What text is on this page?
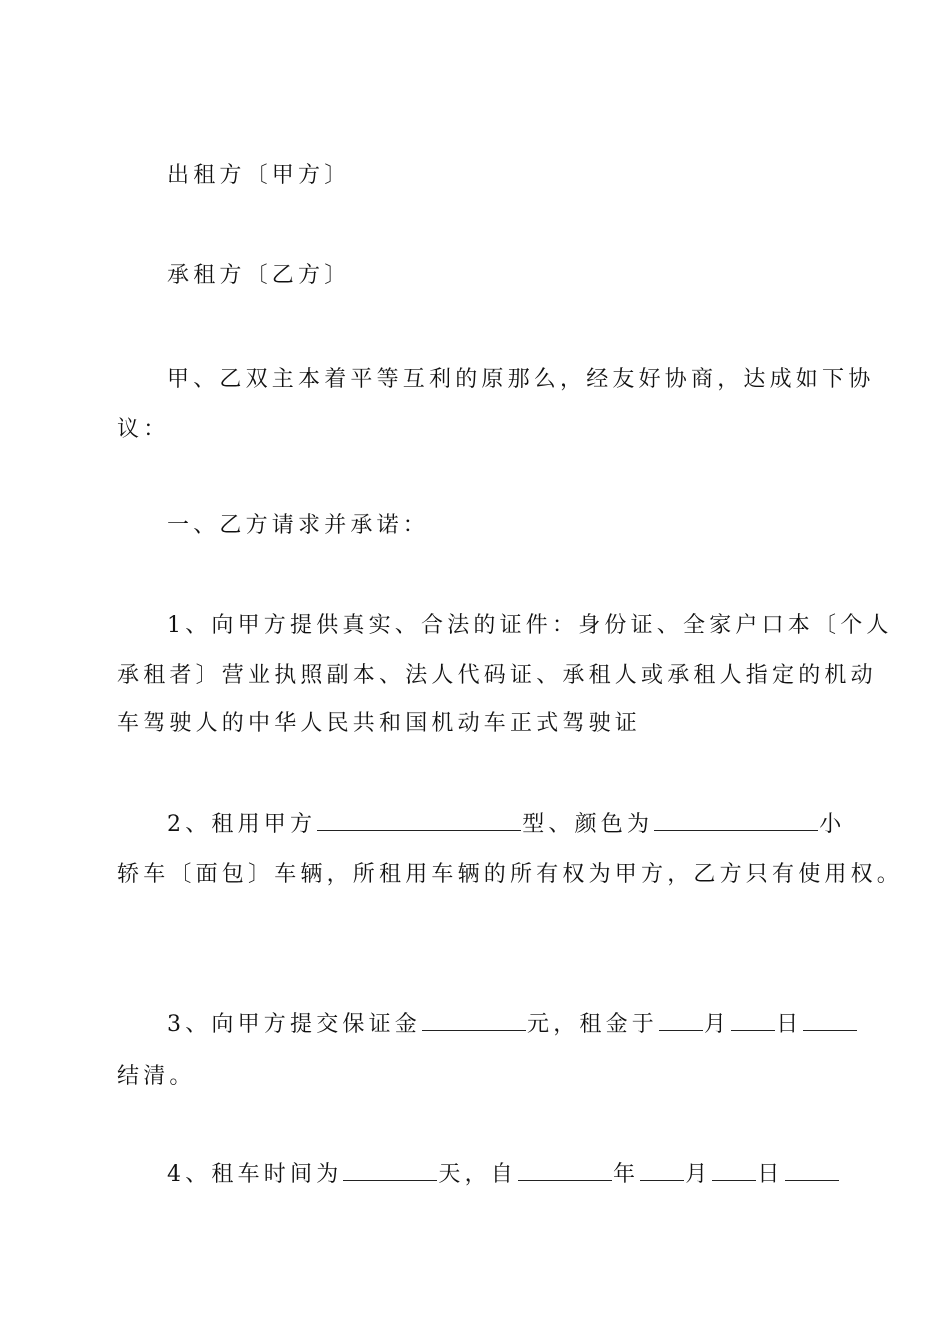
出租方〔甲方〕
承租方〔乙方〕
甲、乙双主本着平等互利的原那么，经友好协商，达成如下协
议：
一、乙方请求并承诺：
1、向甲方提供真实、合法的证件：身份证、全家户口本〔个人
承租者〕营业执照副本、法人代码证、承租人或承租人指定的机动
车驾驶人的中华人民共和国机动车正式驾驶证
2、租用甲方	型、颜色为	小
轿车〔面包〕车辆，所租用车辆的所有权为甲方，乙方只有使用权。
3、向甲方提交保证金	元，租金于 月 日
结清。
4、租车时间为	天，自	年 月 日
